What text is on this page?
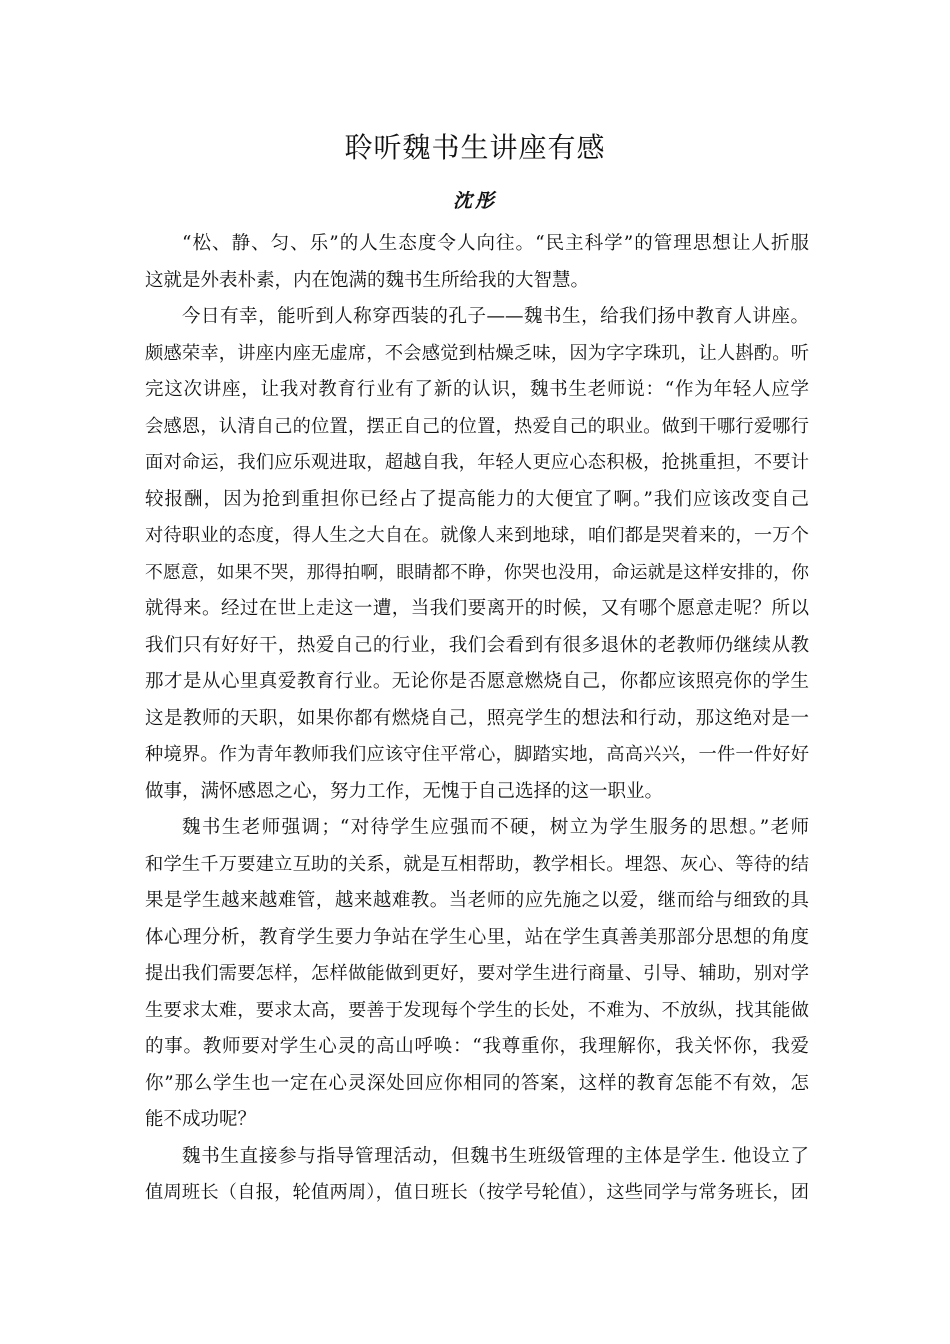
聆听魏书生讲座有感
沈彤
“松、静、匀、乐”的人生态度令人向往。“民主科学”的管理思想让人折服
这就是外表朴素，内在饱满的魏书生所给我的大智慧。
今日有幸，能听到人称穿西装的孔子——魏书生，给我们扬中教育人讲座。
颇感荣幸，讲座内座无虚席，不会感觉到枯燥乏味，因为字字珠玑，让人斟酌。听
完这次讲座，让我对教育行业有了新的认识，魏书生老师说：“作为年轻人应学
会感恩，认清自己的位置，摆正自己的位置，热爱自己的职业。做到干哪行爱哪行
面对命运，我们应乐观进取，超越自我，年轻人更应心态积极，抢挑重担，不要计
较报酬，因为抢到重担你已经占了提高能力的大便宜了啊。”我们应该改变自己
对待职业的态度，得人生之大自在。就像人来到地球，咱们都是哭着来的，一万个
不愿意，如果不哭，那得拍啊，眼睛都不睁，你哭也没用，命运就是这样安排的，你
就得来。经过在世上走这一遭，当我们要离开的时候，又有哪个愿意走呢？所以
我们只有好好干，热爱自己的行业，我们会看到有很多退休的老教师仍继续从教
那才是从心里真爱教育行业。无论你是否愿意燃烧自己，你都应该照亮你的学生
这是教师的天职，如果你都有燃烧自己，照亮学生的想法和行动，那这绝对是一
种境界。作为青年教师我们应该守住平常心，脚踏实地，高高兴兴，一件一件好好
做事，满怀感恩之心，努力工作，无愧于自己选择的这一职业。
魏书生老师强调；“对待学生应强而不硬，树立为学生服务的思想。”老师
和学生千万要建立互助的关系，就是互相帮助，教学相长。埋怨、灰心、等待的结
果是学生越来越难管，越来越难教。当老师的应先施之以爱，继而给与细致的具
体心理分析，教育学生要力争站在学生心里，站在学生真善美那部分思想的角度
提出我们需要怎样，怎样做能做到更好，要对学生进行商量、引导、辅助，别对学
生要求太难，要求太高，要善于发现每个学生的长处，不难为、不放纵，找其能做
的事。教师要对学生心灵的高山呼唤：“我尊重你，我理解你，我关怀你，我爱
你”那么学生也一定在心灵深处回应你相同的答案，这样的教育怎能不有效，怎
能不成功呢？
魏书生直接参与指导管理活动，但魏书生班级管理的主体是学生. 他设立了
值周班长（自报，轮值两周），值日班长（按学号轮值），这些同学与常务班长，团
